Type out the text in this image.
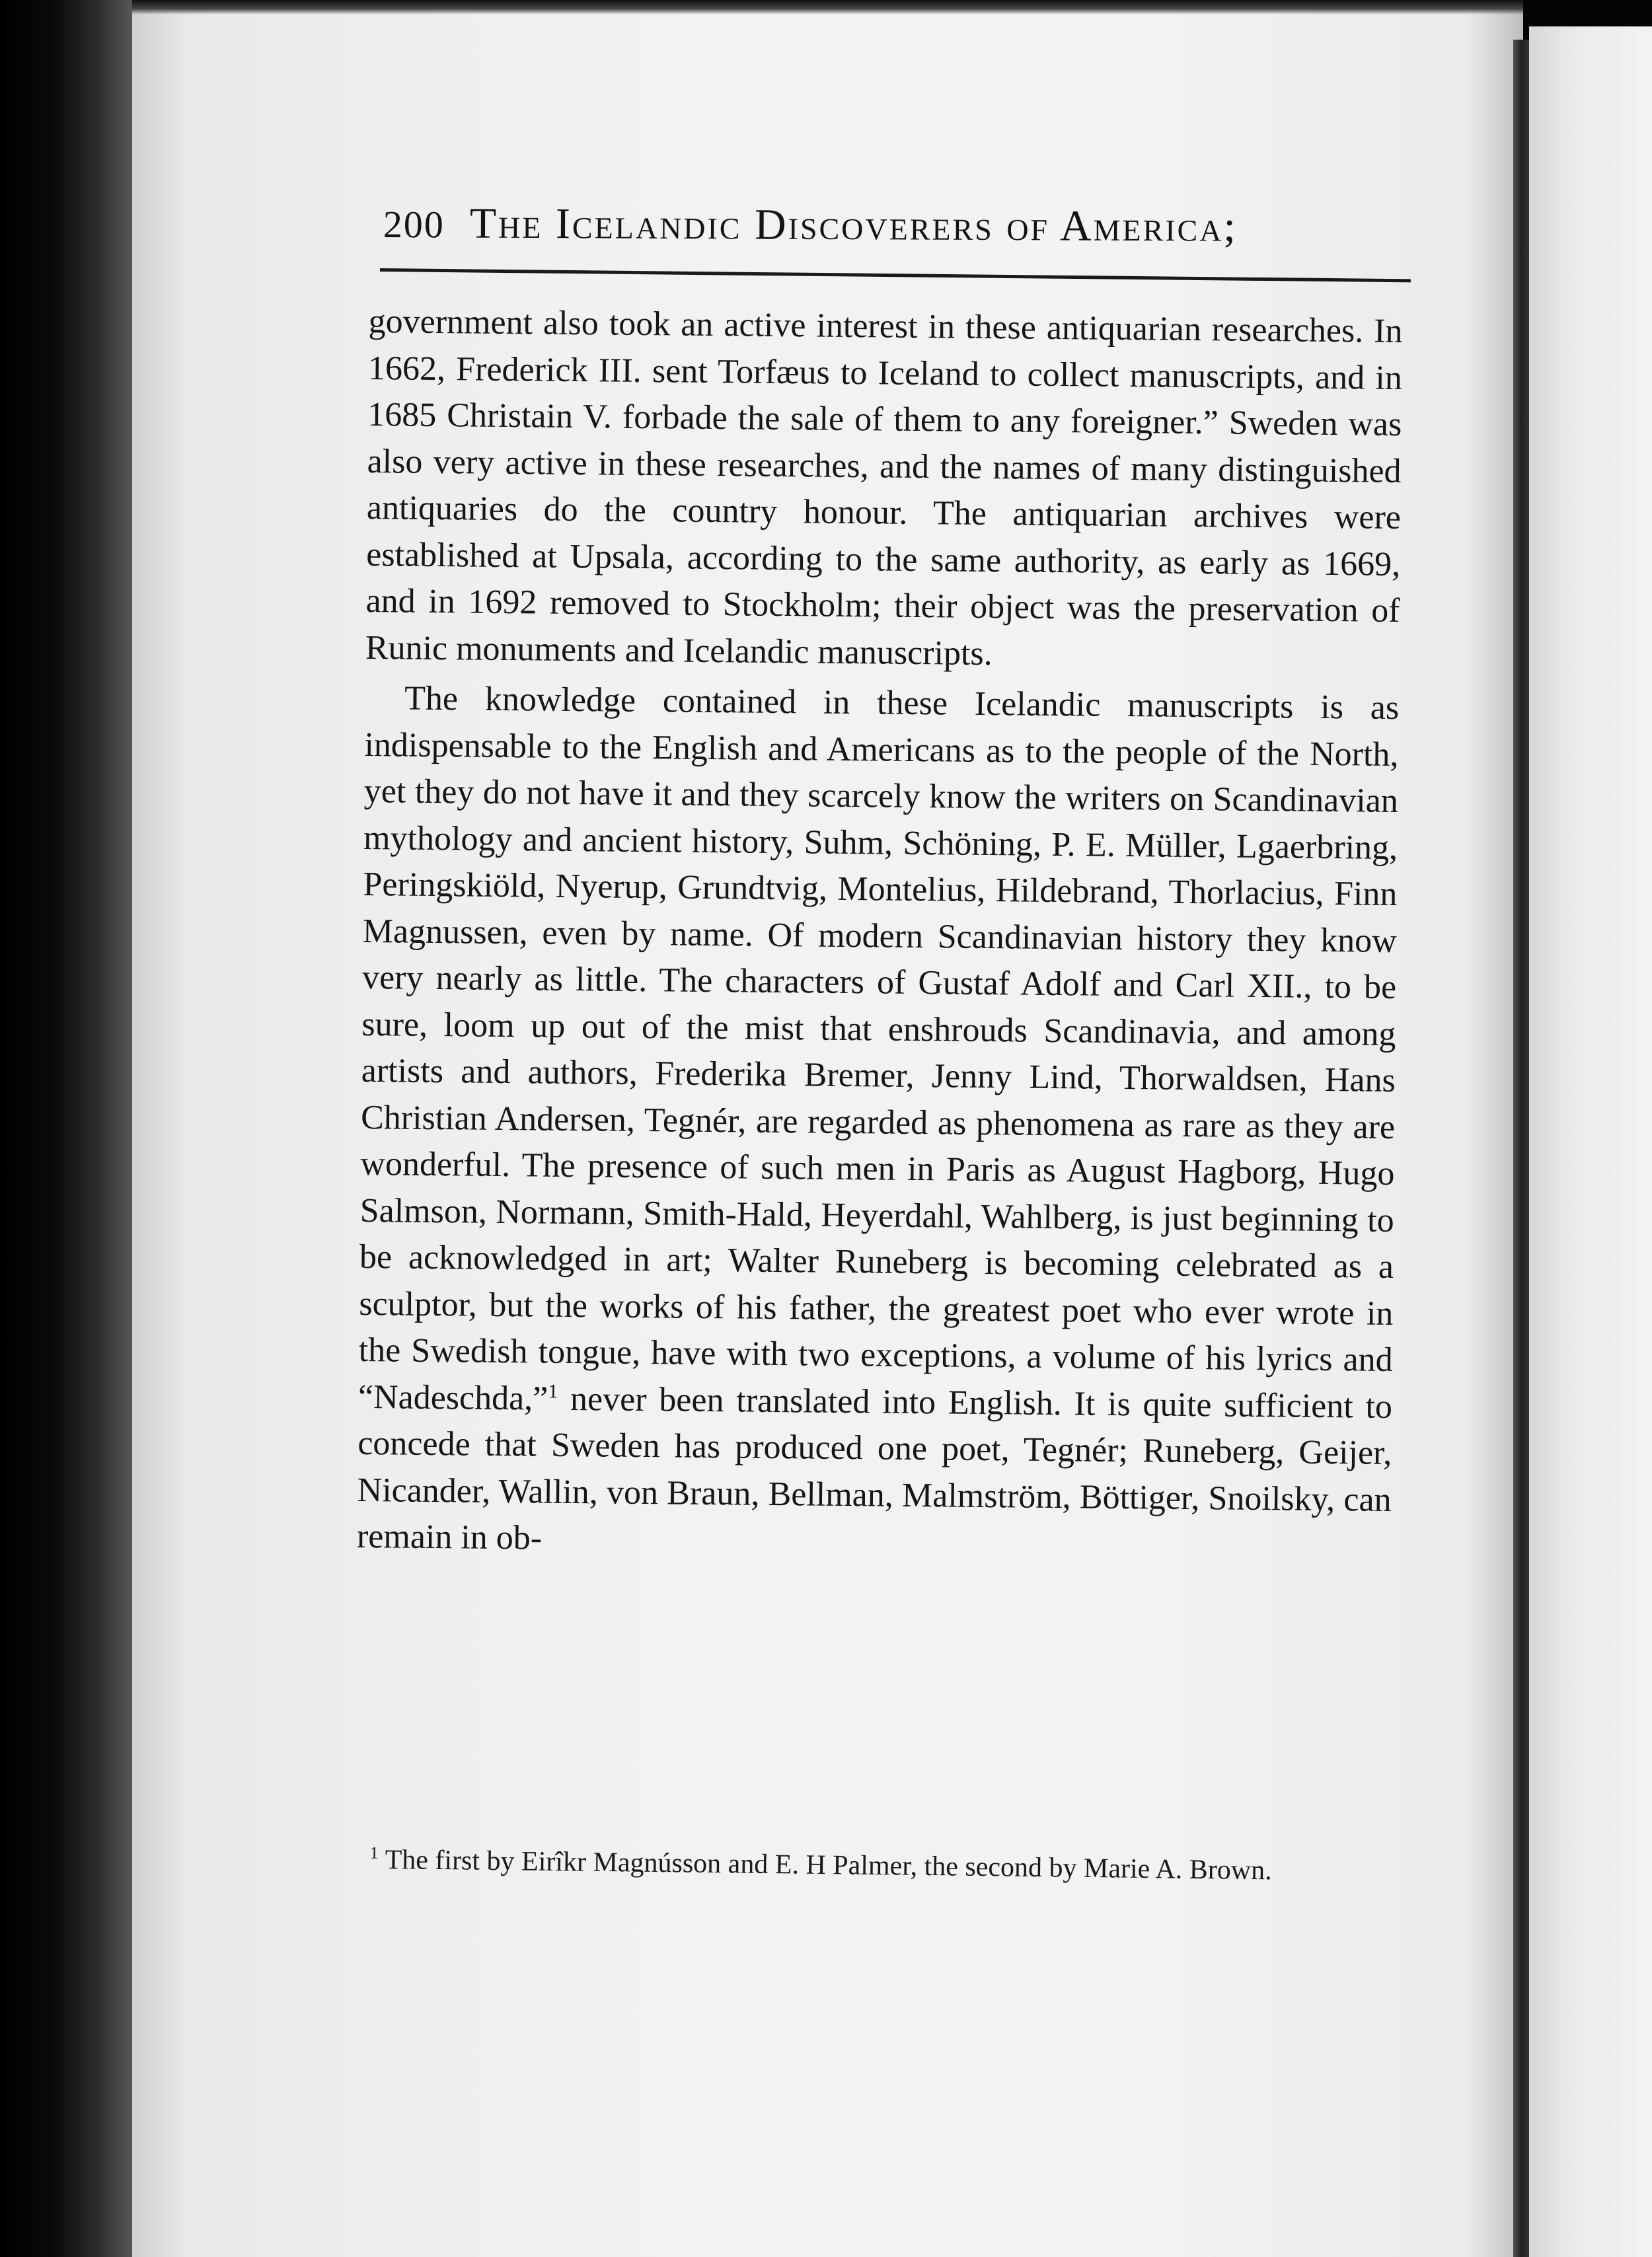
200 The Icelandic Discoverers of America;

government also took an active interest in these antiquarian researches. In 1662, Frederick III. sent Torfæus to Iceland to collect manuscripts, and in 1685 Christain V. forbade the sale of them to any foreigner.” Sweden was also very active in these researches, and the names of many distinguished antiquaries do the country honour. The antiquarian archives were established at Upsala, according to the same authority, as early as 1669, and in 1692 removed to Stockholm; their object was the preservation of Runic monuments and Icelandic manuscripts.

The knowledge contained in these Icelandic manuscripts is as indispensable to the English and Americans as to the people of the North, yet they do not have it and they scarcely know the writers on Scandinavian mythology and ancient history, Suhm, Schöning, P. E. Müller, Lgaerbring, Peringskiöld, Nyerup, Grundtvig, Montelius, Hildebrand, Thorlacius, Finn Magnussen, even by name. Of modern Scandinavian history they know very nearly as little. The characters of Gustaf Adolf and Carl XII., to be sure, loom up out of the mist that enshrouds Scandinavia, and among artists and authors, Frederika Bremer, Jenny Lind, Thorwaldsen, Hans Christian Andersen, Tegnér, are regarded as phenomena as rare as they are wonderful. The presence of such men in Paris as August Hagborg, Hugo Salmson, Normann, Smith-Hald, Heyerdahl, Wahlberg, is just beginning to be acknowledged in art; Walter Runeberg is becoming celebrated as a sculptor, but the works of his father, the greatest poet who ever wrote in the Swedish tongue, have with two exceptions, a volume of his lyrics and “Nadeschda,”$^1$ never been translated into English. It is quite sufficient to concede that Sweden has produced one poet, Tegnér; Runeberg, Geijer, Nicander, Wallin, von Braun, Bellman, Malmström, Böttiger, Snoilsky, can remain in ob-

$^1$ The first by Eirîkr Magnússon and E. H Palmer, the second by Marie A. Brown.
